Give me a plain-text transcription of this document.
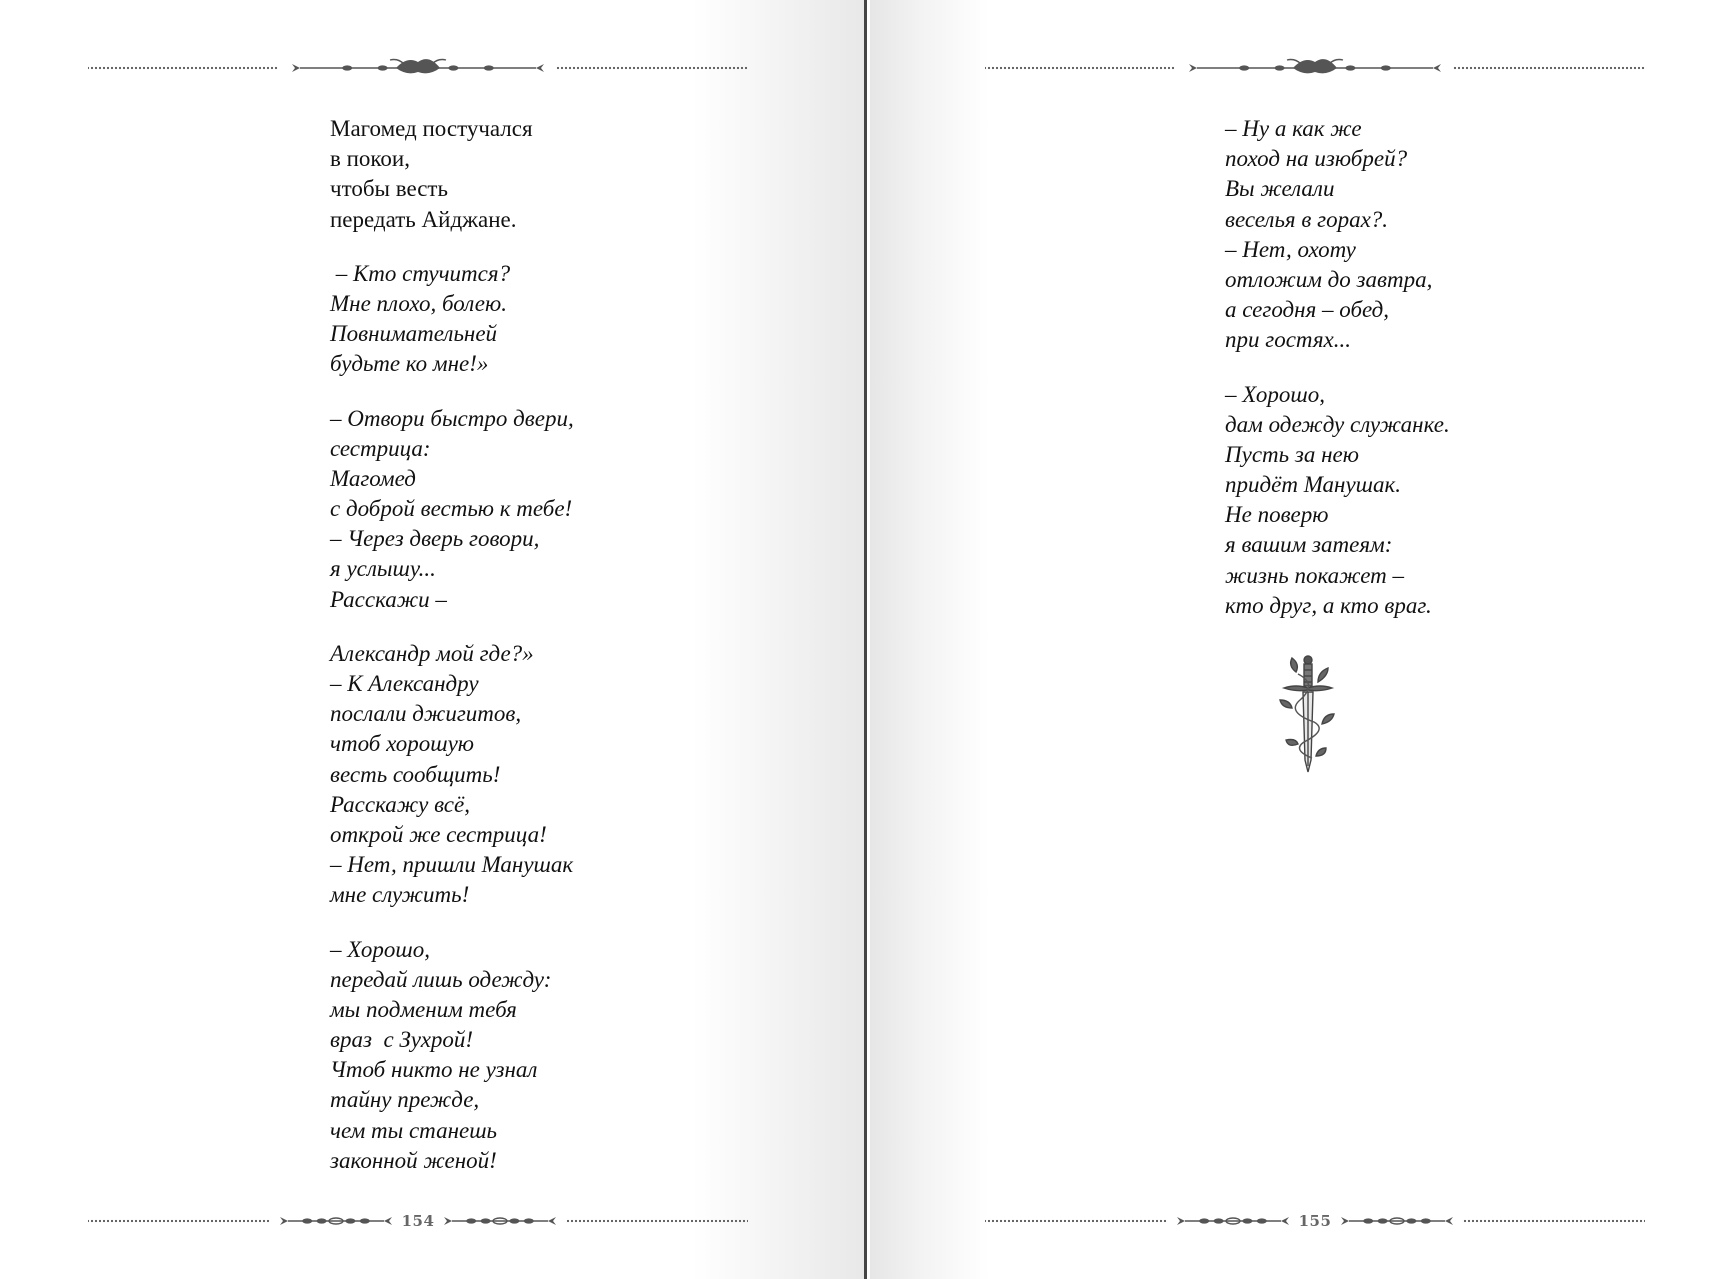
Магомед постучался
в покои,
чтобы весть
передать Айджане.
– Кто стучится?
Мне плохо, болею.
Повнимательней
будьте ко мне!»
– Отвори быстро двери,
сестрица:
Магомед
с доброй вестью к тебе!
– Через дверь говори,
я услышу...
Расскажи –
Александр мой где?»
– К Александру
послали джигитов,
чтоб хорошую
весть сообщить!
Расскажу всё,
открой же сестрица!
– Нет, пришли Манушак
мне служить!
– Хорошо,
передай лишь одежду:
мы подменим тебя
враз  с Зухрой!
Чтоб никто не узнал
тайну прежде,
чем ты станешь
законной женой!
154
– Ну а как же
поход на изюбрей?
Вы желали
веселья в горах?.
– Нет, охоту
отложим до завтра,
а сегодня – обед,
при гостях...
– Хорошо,
дам одежду служанке.
Пусть за нею
придёт Манушак.
Не поверю
я вашим затеям:
жизнь покажет –
кто друг, а кто враг.
155
